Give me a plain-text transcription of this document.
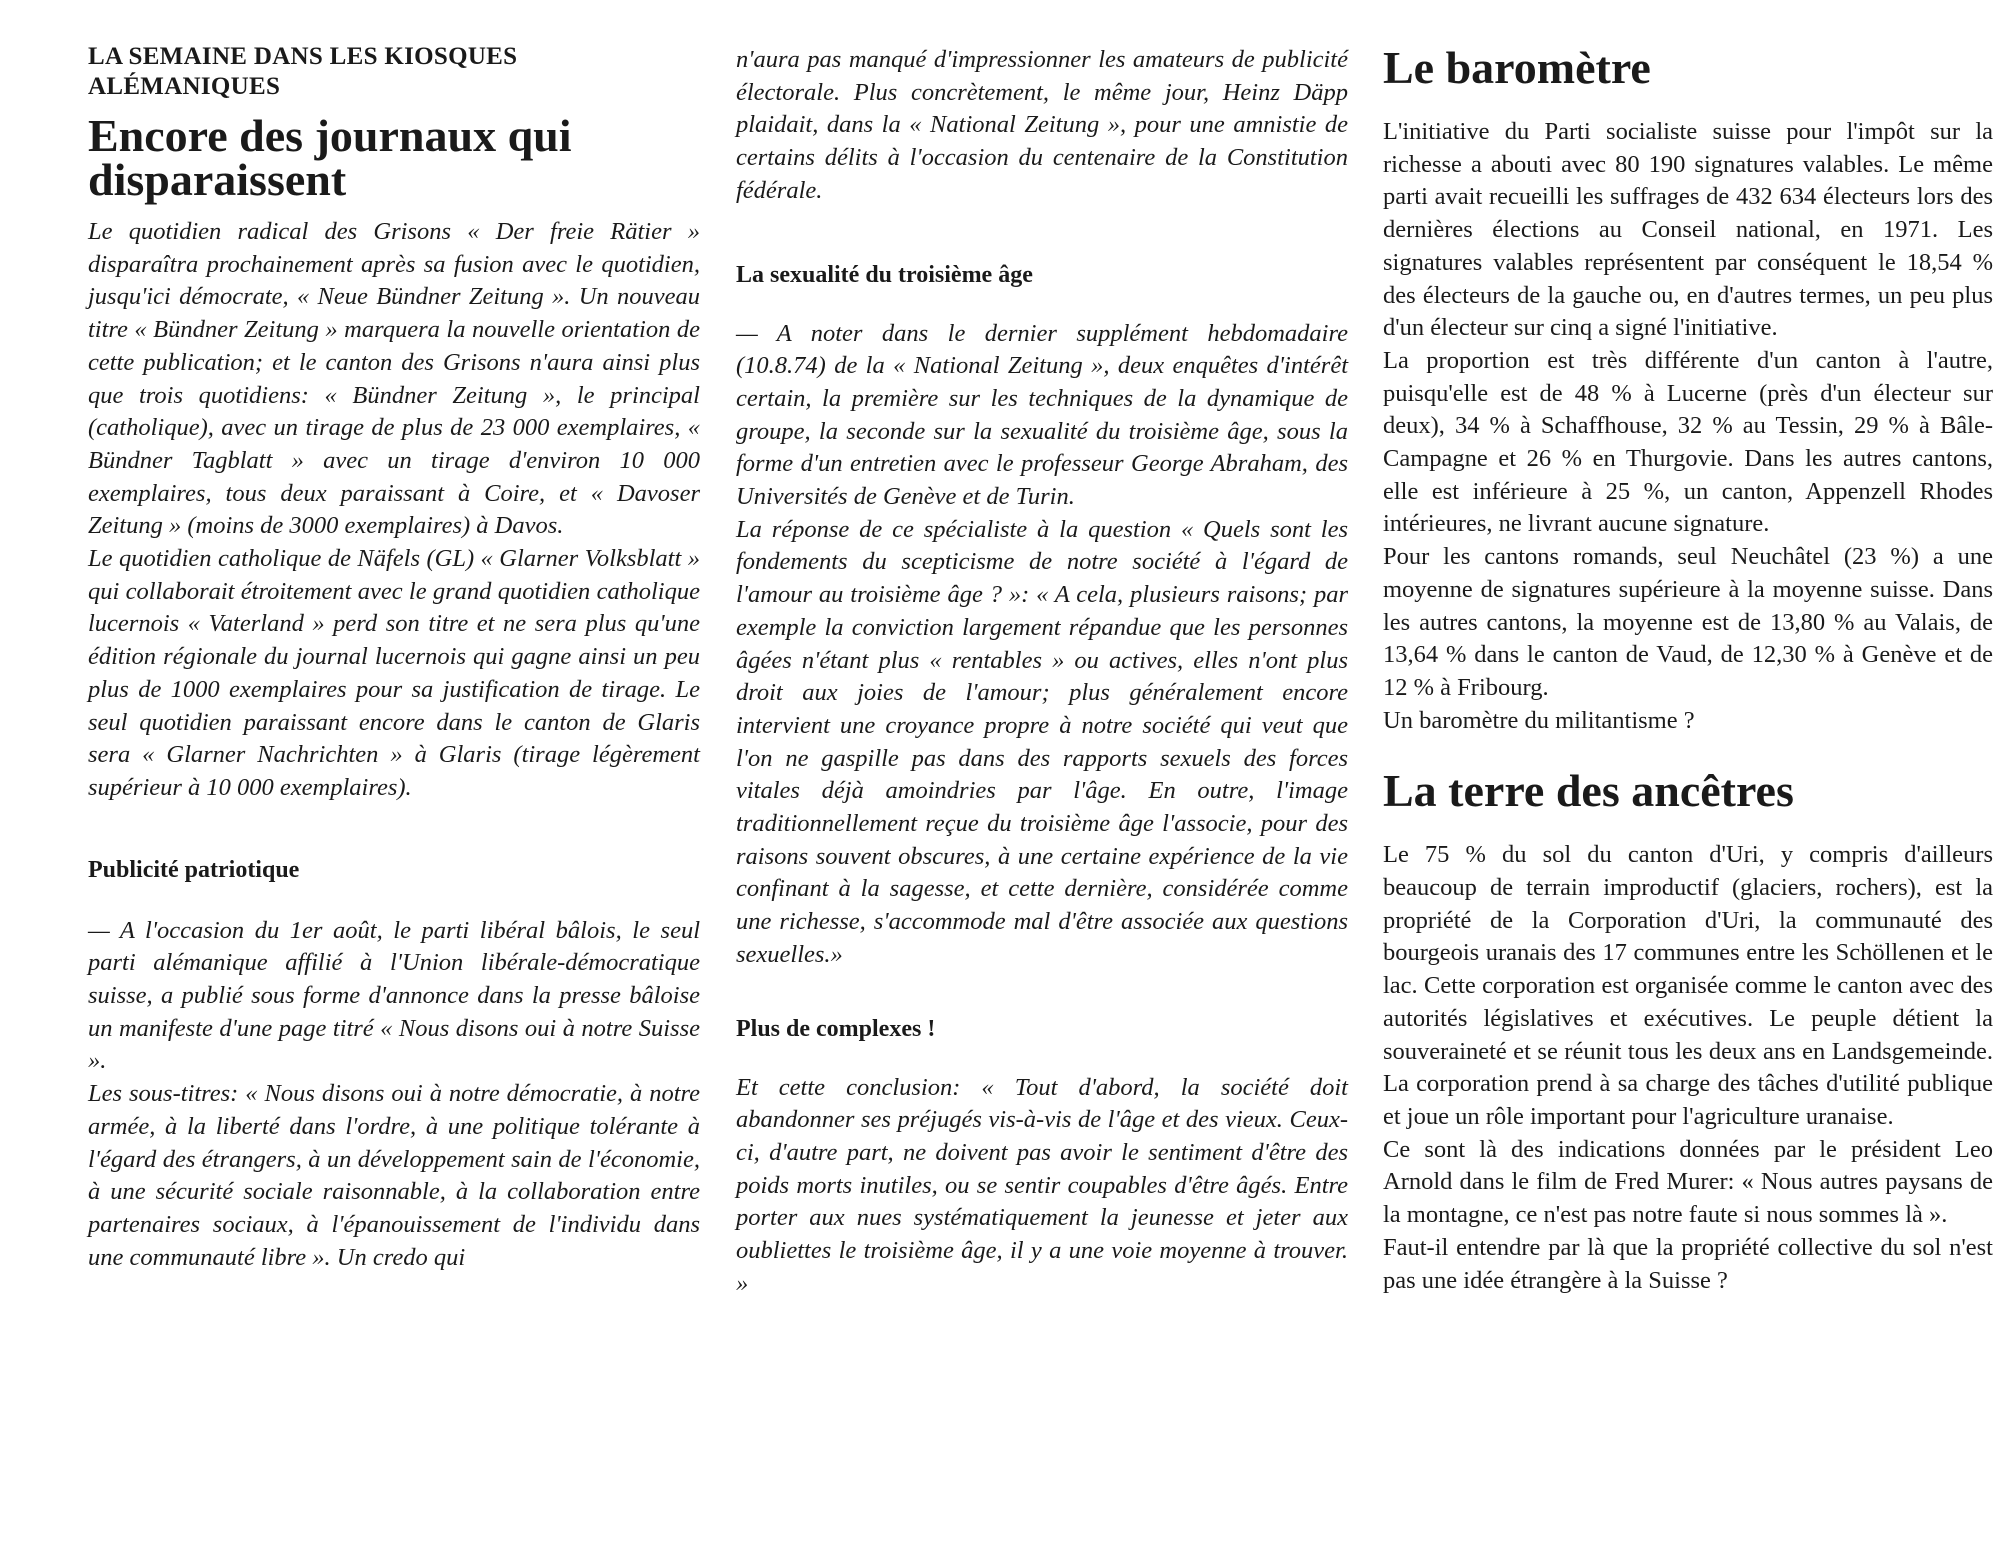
LA SEMAINE DANS LES KIOSQUES ALÉMANIQUES
Encore des journaux qui disparaissent

Le quotidien radical des Grisons « Der freie Rätier » disparaîtra prochainement après sa fusion avec le quotidien, jusqu'ici démocrate, « Neue Bündner Zeitung ». Un nouveau titre « Bündner Zeitung » marquera la nouvelle orientation de cette publication; et le canton des Grisons n'aura ainsi plus que trois quotidiens: « Bündner Zeitung », le principal (catholique), avec un tirage de plus de 23 000 exemplaires, « Bündner Tagblatt » avec un tirage d'environ 10 000 exemplaires, tous deux paraissant à Coire, et « Davoser Zeitung » (moins de 3000 exemplaires) à Davos.

Le quotidien catholique de Näfels (GL) « Glarner Volksblatt » qui collaborait étroitement avec le grand quotidien catholique lucernois « Vaterland » perd son titre et ne sera plus qu'une édition régionale du journal lucernois qui gagne ainsi un peu plus de 1000 exemplaires pour sa justification de tirage. Le seul quotidien paraissant encore dans le canton de Glaris sera « Glarner Nachrichten » à Glaris (tirage légèrement supérieur à 10 000 exemplaires).

Publicité patriotique

— A l'occasion du 1er août, le parti libéral bâlois, le seul parti alémanique affilié à l'Union libérale-démocratique suisse, a publié sous forme d'annonce dans la presse bâloise un manifeste d'une page titré « Nous disons oui à notre Suisse ».

Les sous-titres: « Nous disons oui à notre démocratie, à notre armée, à la liberté dans l'ordre, à une politique tolérante à l'égard des étrangers, à un développement sain de l'économie, à une sécurité sociale raisonnable, à la collaboration entre partenaires sociaux, à l'épanouissement de l'individu dans une communauté libre ». Un credo qui

n'aura pas manqué d'impressionner les amateurs de publicité électorale. Plus concrètement, le même jour, Heinz Däpp plaidait, dans la « National Zeitung », pour une amnistie de certains délits à l'occasion du centenaire de la Constitution fédérale.

La sexualité du troisième âge

— A noter dans le dernier supplément hebdomadaire (10.8.74) de la « National Zeitung », deux enquêtes d'intérêt certain, la première sur les techniques de la dynamique de groupe, la seconde sur la sexualité du troisième âge, sous la forme d'un entretien avec le professeur George Abraham, des Universités de Genève et de Turin.

La réponse de ce spécialiste à la question « Quels sont les fondements du scepticisme de notre société à l'égard de l'amour au troisième âge ? »: « A cela, plusieurs raisons; par exemple la conviction largement répandue que les personnes âgées n'étant plus « rentables » ou actives, elles n'ont plus droit aux joies de l'amour; plus généralement encore intervient une croyance propre à notre société qui veut que l'on ne gaspille pas dans des rapports sexuels des forces vitales déjà amoindries par l'âge. En outre, l'image traditionnellement reçue du troisième âge l'associe, pour des raisons souvent obscures, à une certaine expérience de la vie confinant à la sagesse, et cette dernière, considérée comme une richesse, s'accommode mal d'être associée aux questions sexuelles.»

Plus de complexes !

Et cette conclusion: « Tout d'abord, la société doit abandonner ses préjugés vis-à-vis de l'âge et des vieux. Ceux-ci, d'autre part, ne doivent pas avoir le sentiment d'être des poids morts inutiles, ou se sentir coupables d'être âgés. Entre porter aux nues systématiquement la jeunesse et jeter aux oubliettes le troisième âge, il y a une voie moyenne à trouver. »

Le baromètre

L'initiative du Parti socialiste suisse pour l'impôt sur la richesse a abouti avec 80 190 signatures valables. Le même parti avait recueilli les suffrages de 432 634 électeurs lors des dernières élections au Conseil national, en 1971. Les signatures valables représentent par conséquent le 18,54 % des électeurs de la gauche ou, en d'autres termes, un peu plus d'un électeur sur cinq a signé l'initiative.

La proportion est très différente d'un canton à l'autre, puisqu'elle est de 48 % à Lucerne (près d'un électeur sur deux), 34 % à Schaffhouse, 32 % au Tessin, 29 % à Bâle-Campagne et 26 % en Thurgovie. Dans les autres cantons, elle est inférieure à 25 %, un canton, Appenzell Rhodes intérieures, ne livrant aucune signature.

Pour les cantons romands, seul Neuchâtel (23 %) a une moyenne de signatures supérieure à la moyenne suisse. Dans les autres cantons, la moyenne est de 13,80 % au Valais, de 13,64 % dans le canton de Vaud, de 12,30 % à Genève et de 12 % à Fribourg.

Un baromètre du militantisme ?

La terre des ancêtres

Le 75 % du sol du canton d'Uri, y compris d'ailleurs beaucoup de terrain improductif (glaciers, rochers), est la propriété de la Corporation d'Uri, la communauté des bourgeois uranais des 17 communes entre les Schöllenen et le lac. Cette corporation est organisée comme le canton avec des autorités législatives et exécutives. Le peuple détient la souveraineté et se réunit tous les deux ans en Landsgemeinde. La corporation prend à sa charge des tâches d'utilité publique et joue un rôle important pour l'agriculture uranaise.

Ce sont là des indications données par le président Leo Arnold dans le film de Fred Murer: « Nous autres paysans de la montagne, ce n'est pas notre faute si nous sommes là ».

Faut-il entendre par là que la propriété collective du sol n'est pas une idée étrangère à la Suisse ?
